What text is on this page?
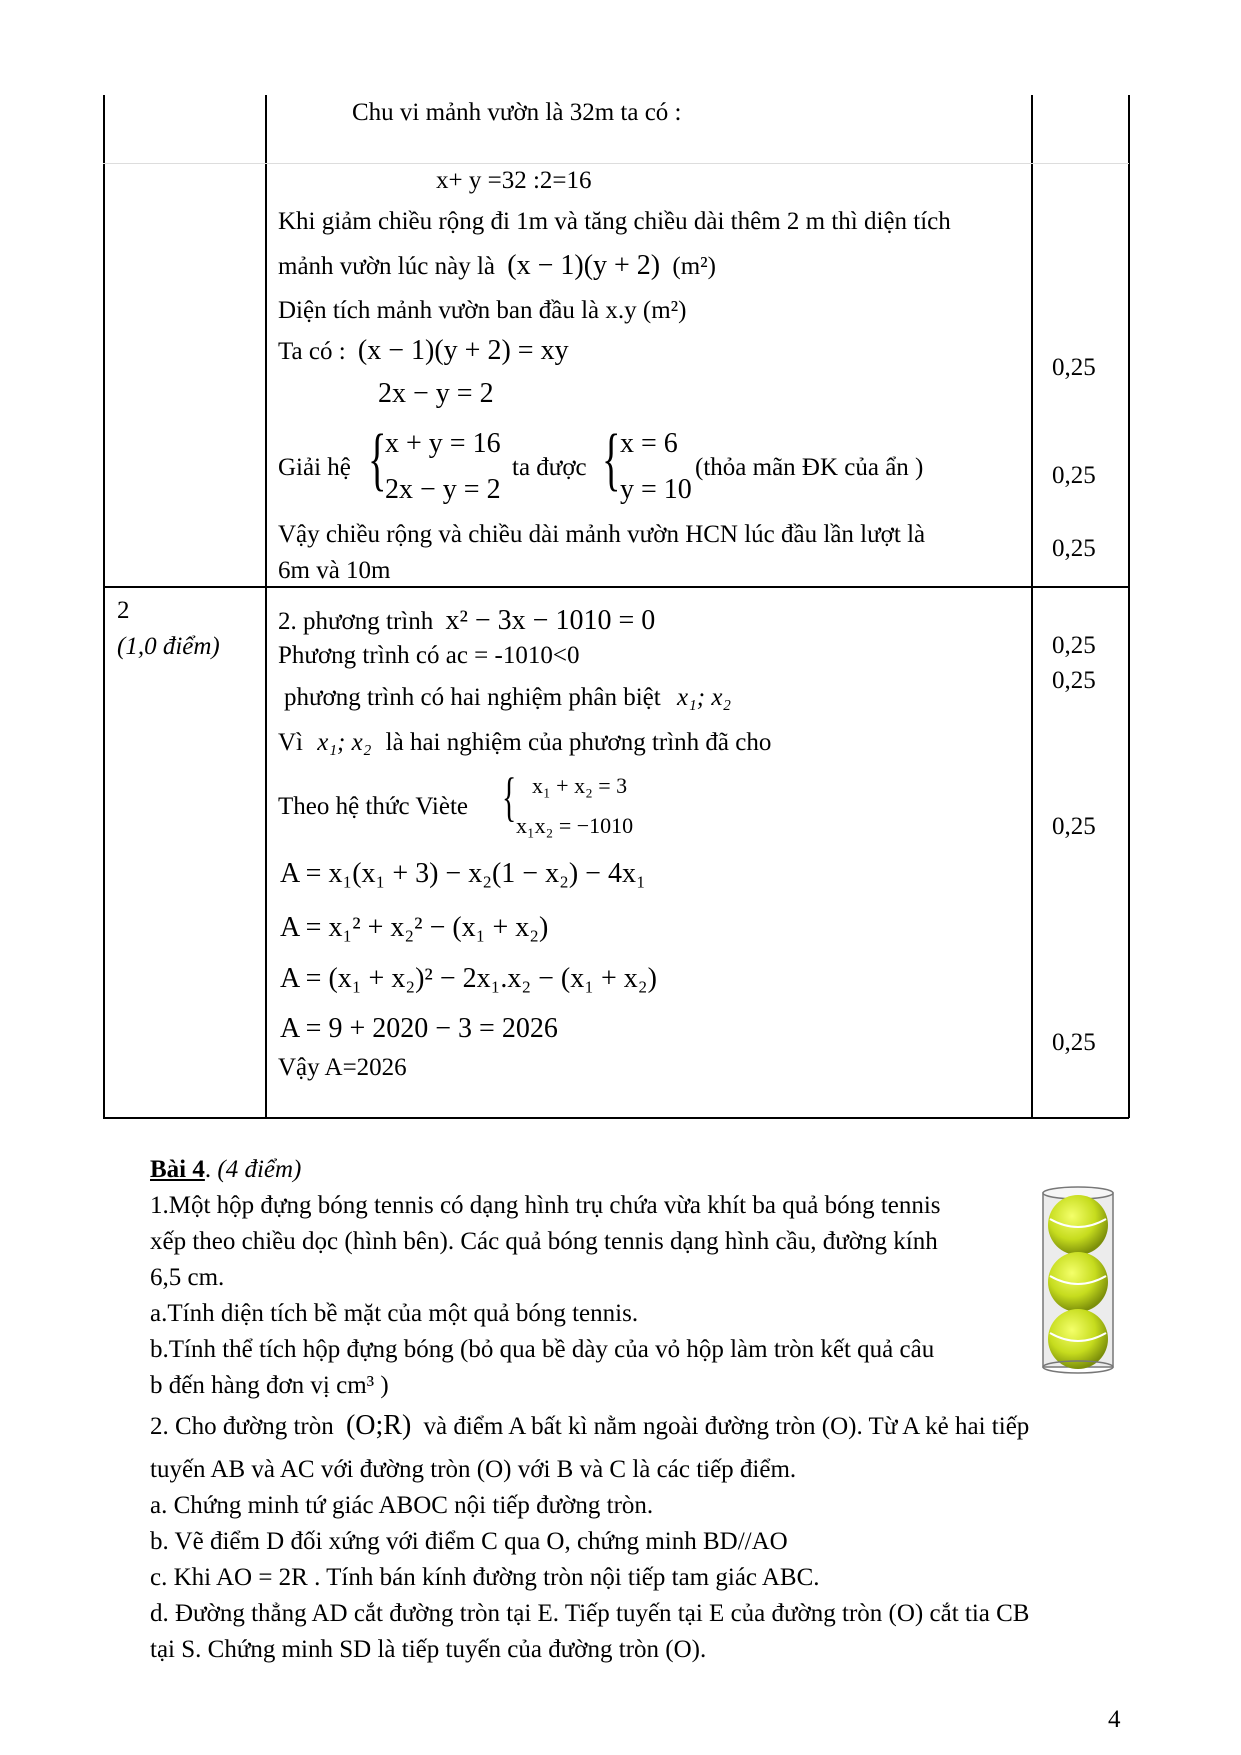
Chu vi mảnh vườn là 32m ta có :
x+ y =32 :2=16
Khi giảm chiều rộng đi 1m và tăng chiều dài thêm 2 m thì diện tích
mảnh vườn lúc này là (x − 1)(y + 2) (m²)
Diện tích mảnh vườn ban đầu là x.y (m²)
Ta có : (x − 1)(y + 2) = xy
2x − y = 2
Giải hệ {
x + y = 16
2x − y = 2
ta được { x = 6
y = 10
(thỏa mãn ĐK của ẩn )
Vậy chiều rộng và chiều dài mảnh vườn HCN lúc đầu lần lượt là
6m và 10m
0,25
0,25
0,25
2
(1,0 điểm)
2. phương trình x² − 3x − 1010 = 0
Phương trình có ac = -1010<0
phương trình có hai nghiệm phân biệt x₁; x₂
Vì x₁; x₂ là hai nghiệm của phương trình đã cho
Theo hệ thức Viète { x₁ + x₂ = 3
x₁x₂ = −1010
A = x₁(x₁ + 3) − x₂(1 − x₂) − 4x₁
A = x₁² + x₂² − (x₁ + x₂)
A = (x₁ + x₂)² − 2x₁.x₂ − (x₁ + x₂)
A = 9 + 2020 − 3 = 2026
Vậy A=2026
0,25
0,25
0,25
0,25
Bài 4. (4 điểm)
1.Một hộp đựng bóng tennis có dạng hình trụ chứa vừa khít ba quả bóng tennis
xếp theo chiều dọc (hình bên). Các quả bóng tennis dạng hình cầu, đường kính
6,5 cm.
a.Tính diện tích bề mặt của một quả bóng tennis.
b.Tính thể tích hộp đựng bóng (bỏ qua bề dày của vỏ hộp làm tròn kết quả câu
b đến hàng đơn vị cm³ )
2. Cho đường tròn (O;R) và điểm A bất kì nằm ngoài đường tròn (O). Từ A kẻ hai tiếp
tuyến AB và AC với đường tròn (O) với B và C là các tiếp điểm.
a. Chứng minh tứ giác ABOC nội tiếp đường tròn.
b. Vẽ điểm D đối xứng với điểm C qua O, chứng minh BD//AO
c. Khi AO = 2R . Tính bán kính đường tròn nội tiếp tam giác ABC.
d. Đường thẳng AD cắt đường tròn tại E. Tiếp tuyến tại E của đường tròn (O) cắt tia CB
tại S. Chứng minh SD là tiếp tuyến của đường tròn (O).
4
